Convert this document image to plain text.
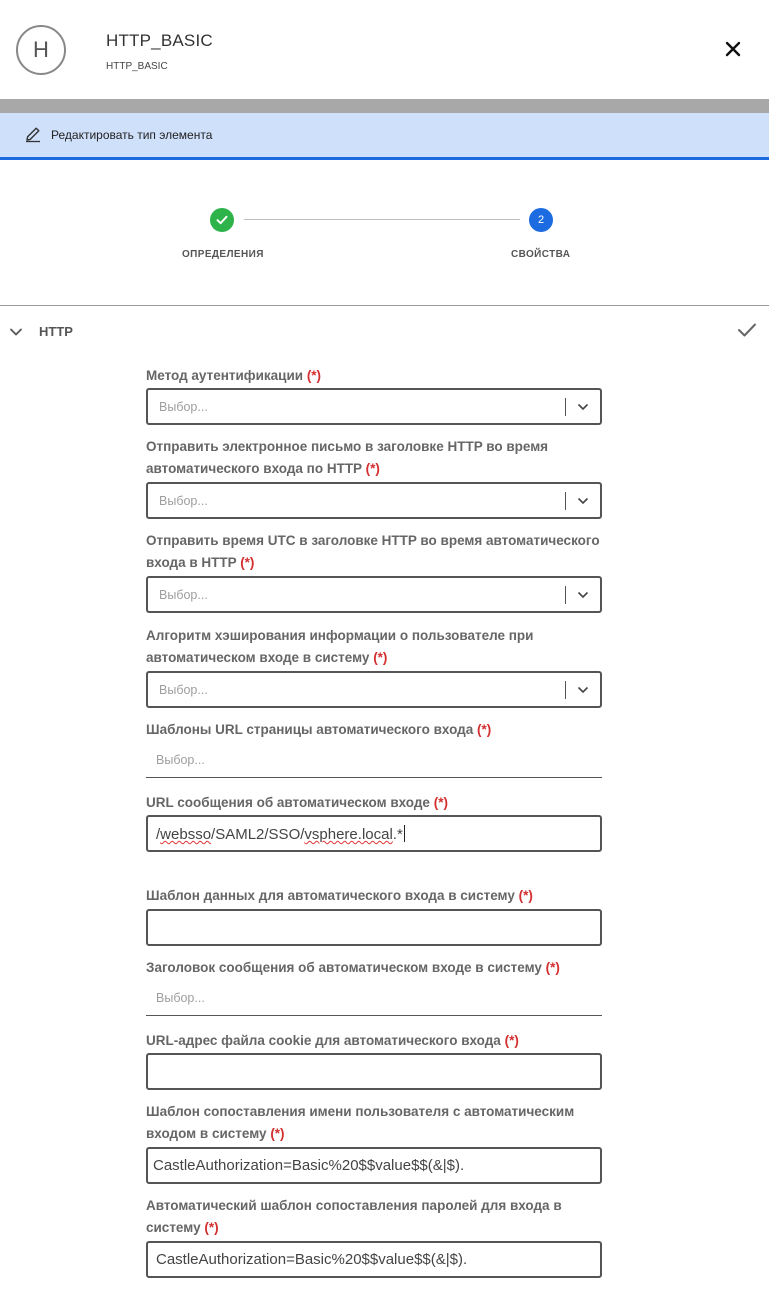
H	HTTP_BASIC
HTTP_BASIC
Редактировать тип элемента
2
ОПРЕДЕЛЕНИЯ	СВОЙСТВА
HTTP
Метод аутентификации (*)
Выбор...
Отправить электронное письмо в заголовке HTTP во время автоматического входа по HTTP (*)
Выбор...
Отправить время UTC в заголовке HTTP во время автоматического входа в HTTP (*)
Выбор...
Алгоритм хэширования информации о пользователе при автоматическом входе в систему (*)
Выбор...
Шаблоны URL страницы автоматического входа (*)
Выбор...
URL сообщения об автоматическом входе (*)
/websso/SAML2/SSO/vsphere.local.*
Шаблон данных для автоматического входа в систему (*)
Заголовок сообщения об автоматическом входе в систему (*)
Выбор...
URL-адрес файла cookie для автоматического входа (*)
Шаблон сопоставления имени пользователя с автоматическим входом в систему (*)
CastleAuthorization=Basic%20$$value$$(&|$).
Автоматический шаблон сопоставления паролей для входа в систему (*)
CastleAuthorization=Basic%20$$value$$(&|$).
